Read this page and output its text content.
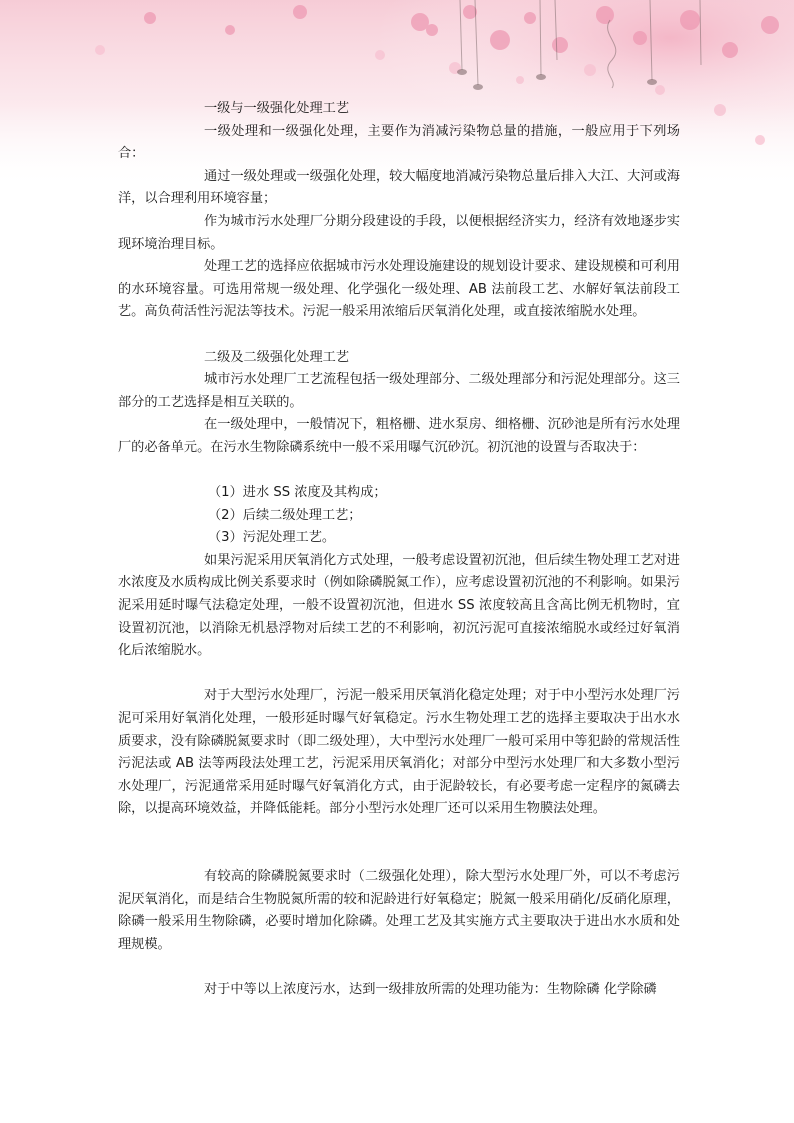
一级与一级强化处理工艺

一级处理和一级强化处理，主要作为消减污染物总量的措施，一般应用于下列场合：

通过一级处理或一级强化处理，较大幅度地消减污染物总量后排入大江、大河或海洋，以合理利用环境容量；

作为城市污水处理厂分期分段建设的手段，以便根据经济实力，经济有效地逐步实现环境治理目标。

处理工艺的选择应依据城市污水处理设施建设的规划设计要求、建设规模和可利用的水环境容量。可选用常规一级处理、化学强化一级处理、AB 法前段工艺、水解好氧法前段工艺。高负荷活性污泥法等技术。污泥一般采用浓缩后厌氧消化处理，或直接浓缩脱水处理。

二级及二级强化处理工艺

城市污水处理厂工艺流程包括一级处理部分、二级处理部分和污泥处理部分。这三部分的工艺选择是相互关联的。

在一级处理中，一般情况下，粗格栅、进水泵房、细格栅、沉砂池是所有污水处理厂的必备单元。在污水生物除磷系统中一般不采用曝气沉砂沉。初沉池的设置与否取决于：

（1）进水 SS 浓度及其构成；

（2）后续二级处理工艺；

（3）污泥处理工艺。

如果污泥采用厌氧消化方式处理，一般考虑设置初沉池，但后续生物处理工艺对进水浓度及水质构成比例关系要求时（例如除磷脱氮工作），应考虑设置初沉池的不利影响。如果污泥采用延时曝气法稳定处理，一般不设置初沉池，但进水 SS 浓度较高且含高比例无机物时，宜设置初沉池，以消除无机悬浮物对后续工艺的不利影响，初沉污泥可直接浓缩脱水或经过好氧消化后浓缩脱水。

对于大型污水处理厂，污泥一般采用厌氧消化稳定处理；对于中小型污水处理厂污泥可采用好氧消化处理，一般形延时曝气好氧稳定。污水生物处理工艺的选择主要取决于出水水质要求，没有除磷脱氮要求时（即二级处理），大中型污水处理厂一般可采用中等犯龄的常规活性污泥法或 AB 法等两段法处理工艺，污泥采用厌氧消化；对部分中型污水处理厂和大多数小型污水处理厂，污泥通常采用延时曝气好氧消化方式，由于泥龄较长，有必要考虑一定程序的氮磷去除，以提高环境效益，并降低能耗。部分小型污水处理厂还可以采用生物膜法处理。

有较高的除磷脱氮要求时（二级强化处理），除大型污水处理厂外，可以不考虑污泥厌氧消化，而是结合生物脱氮所需的较和泥龄进行好氧稳定；脱氮一般采用硝化/反硝化原理，除磷一般采用生物除磷，必要时增加化除磷。处理工艺及其实施方式主要取决于进出水水质和处理规模。

对于中等以上浓度污水，达到一级排放所需的处理功能为：生物除磷 化学除磷
